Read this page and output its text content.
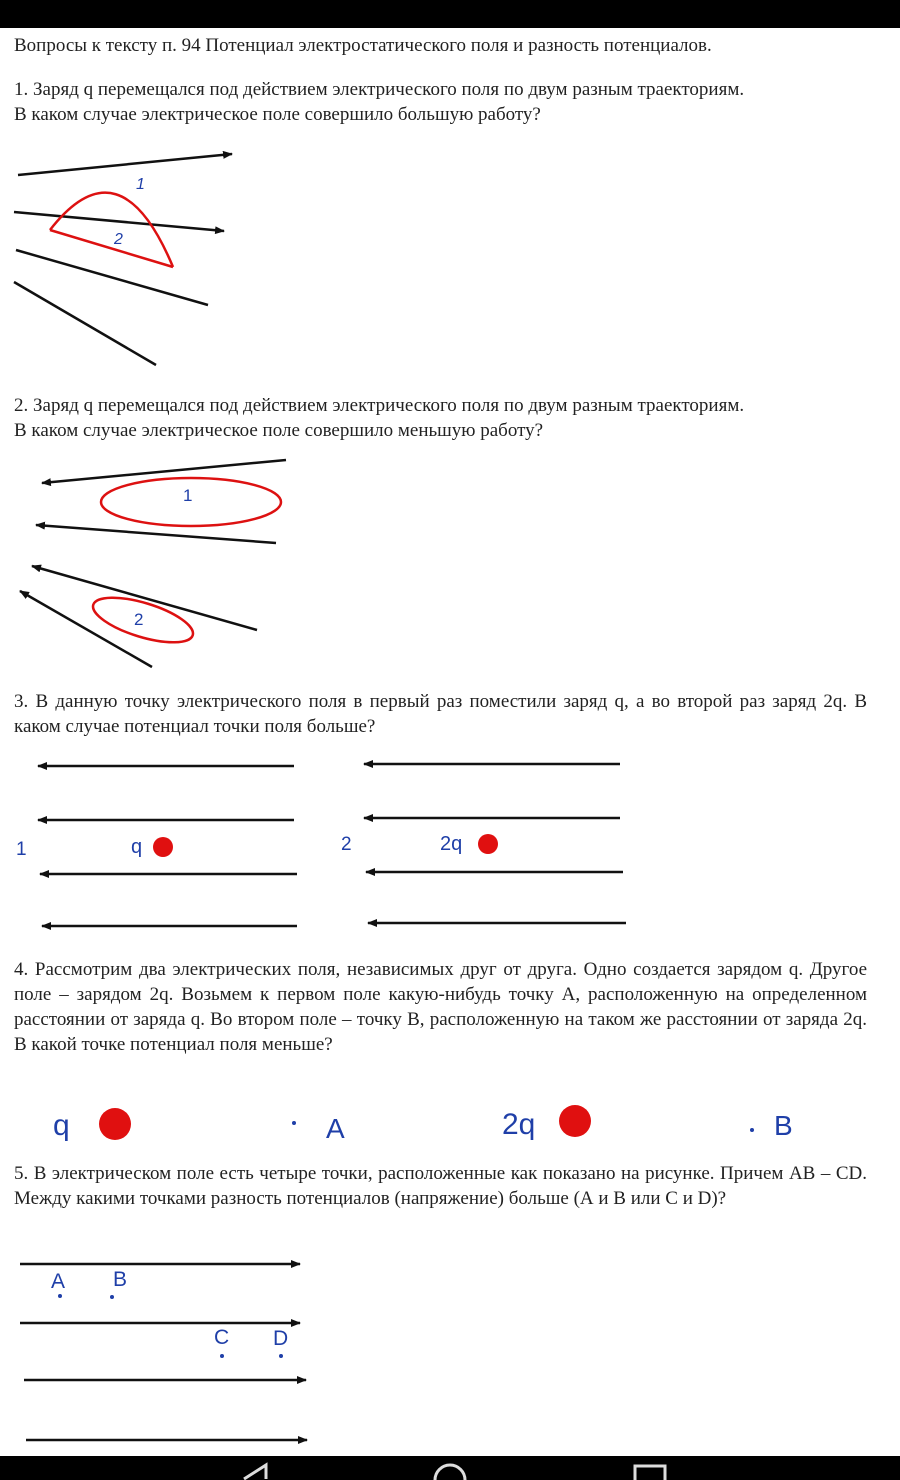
Вопросы к тексту п. 94 Потенциал электростатического поля и разность потенциалов.
1. Заряд q перемещался под действием электрического поля по двум разным траекториям.
В каком случае электрическое поле совершило большую работу?
1
2
2. Заряд q перемещался под действием электрического поля по двум разным траекториям.
В каком случае электрическое поле совершило меньшую работу?
1
2
3. В данную точку электрического поля в первый раз поместили заряд q, а во второй раз заряд 2q. В каком случае потенциал точки поля больше?
1	q	2	2q
4. Рассмотрим два электрических поля, независимых друг от друга. Одно создается зарядом q. Другое поле – зарядом 2q. Возьмем к первом поле какую-нибудь точку А, расположенную на определенном расстоянии от заряда q. Во втором поле – точку В, расположенную на таком же расстоянии от заряда 2q. В какой точке потенциал поля меньше?
q	A	2q	B
5. В электрическом поле есть четыре точки, расположенные как показано на рисунке. Причем AB – CD. Между какими точками разность потенциалов (напряжение) больше (А и В или С и D)?
A B
C D
